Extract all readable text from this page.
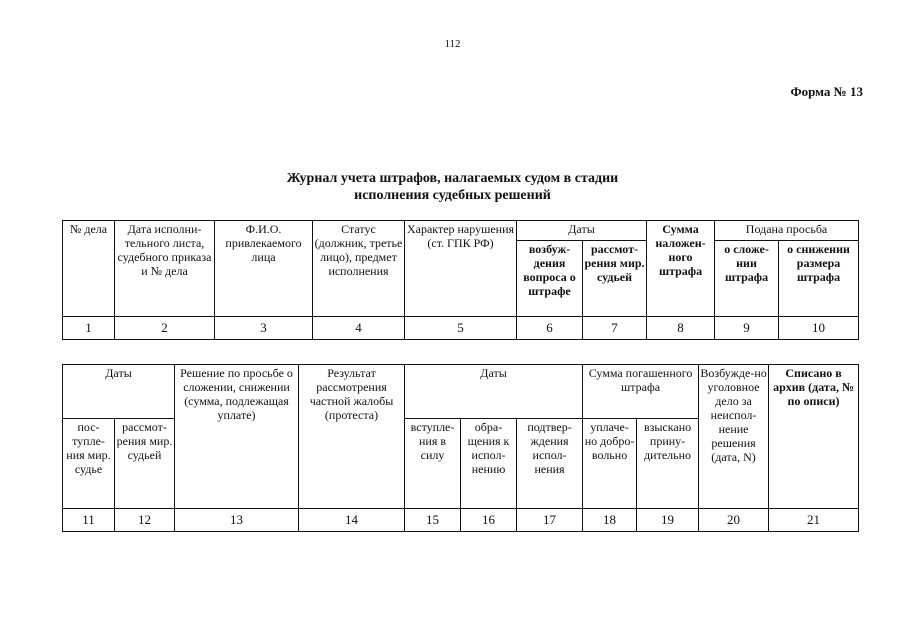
112
Форма № 13
Журнал учета штрафов, налагаемых судом в стадии
исполнения судебных решений
№ дела	Дата исполни-тельного листа, судебного приказа и № дела	Ф.И.О. привлекаемого лица	Статус (должник, третье лицо), предмет исполнения	Характер нарушения (ст. ГПК РФ)	Даты		Сумма наложен-ного штрафа	Подана просьба	
					возбуж-дения вопроса о штрафе	рассмот-рения мир. судьей		о сложе-нии штрафа	о снижении размера штрафа
1	2	3	4	5	6	7	8	9	10
Даты		Решение по просьбе о сложении, снижении (сумма, подлежащая уплате)	Результат рассмотрения частной жалобы (протеста)	Даты			Сумма погашенного штрафа		Возбужде-но уголовное дело за неиспол-нение решения (дата, N)	Списано в архив (дата, № по описи)
пос-тупле-ния мир. судье	рассмот-рения мир. судьей			вступле-ния в силу	обра-щения к испол-нению	подтвер-ждения испол-нения	уплаче-но добро-вольно	взыскано прину-дительно		
11	12	13	14	15	16	17	18	19	20	21
